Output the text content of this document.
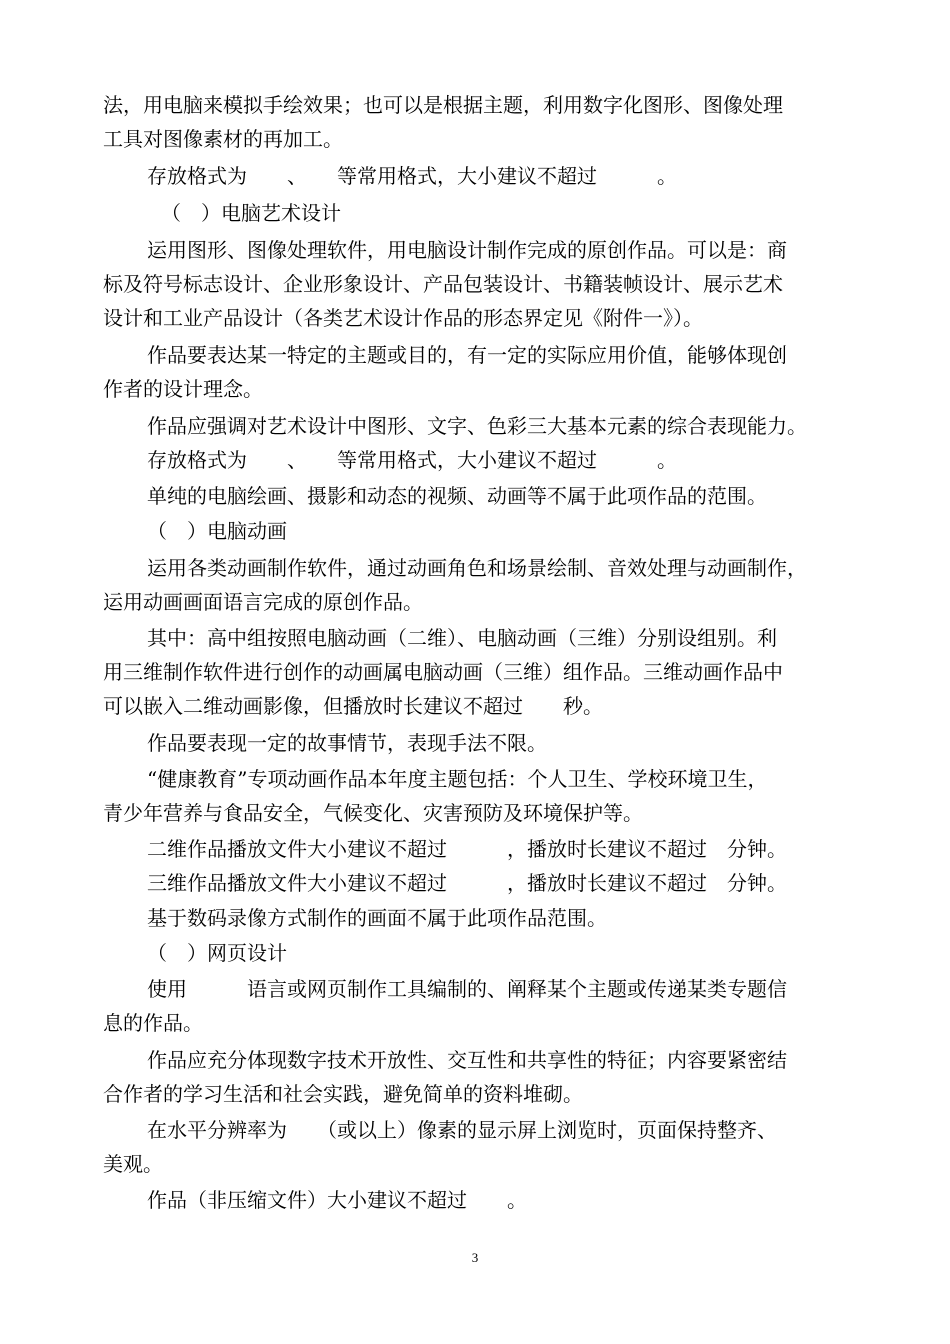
法，用电脑来模拟手绘效果；也可以是根据主题，利用数字化图形、图像处理

工具对图像素材的再加工。

存放格式为　　、　　等常用格式，大小建议不超过　　　。

（　）电脑艺术设计

运用图形、图像处理软件，用电脑设计制作完成的原创作品。可以是：商

标及符号标志设计、企业形象设计、产品包装设计、书籍装帧设计、展示艺术

设计和工业产品设计（各类艺术设计作品的形态界定见《附件一》）。

作品要表达某一特定的主题或目的，有一定的实际应用价值，能够体现创

作者的设计理念。

作品应强调对艺术设计中图形、文字、色彩三大基本元素的综合表现能力。

存放格式为　　、　　等常用格式，大小建议不超过　　　。

单纯的电脑绘画、摄影和动态的视频、动画等不属于此项作品的范围。

（　）电脑动画

运用各类动画制作软件，通过动画角色和场景绘制、音效处理与动画制作，

运用动画画面语言完成的原创作品。

其中：高中组按照电脑动画（二维）、电脑动画（三维）分别设组别。利

用三维制作软件进行创作的动画属电脑动画（三维）组作品。三维动画作品中

可以嵌入二维动画影像，但播放时长建议不超过　　秒。

作品要表现一定的故事情节，表现手法不限。

“健康教育”专项动画作品本年度主题包括：个人卫生、学校环境卫生，

青少年营养与食品安全，气候变化、灾害预防及环境保护等。

二维作品播放文件大小建议不超过　　　，播放时长建议不超过　分钟。

三维作品播放文件大小建议不超过　　　，播放时长建议不超过　分钟。

基于数码录像方式制作的画面不属于此项作品范围。

（　）网页设计

使用　　　语言或网页制作工具编制的、阐释某个主题或传递某类专题信

息的作品。

作品应充分体现数字技术开放性、交互性和共享性的特征；内容要紧密结

合作者的学习生活和社会实践，避免简单的资料堆砌。

在水平分辨率为　　（或以上）像素的显示屏上浏览时，页面保持整齐、

美观。

作品（非压缩文件）大小建议不超过　　。

3
